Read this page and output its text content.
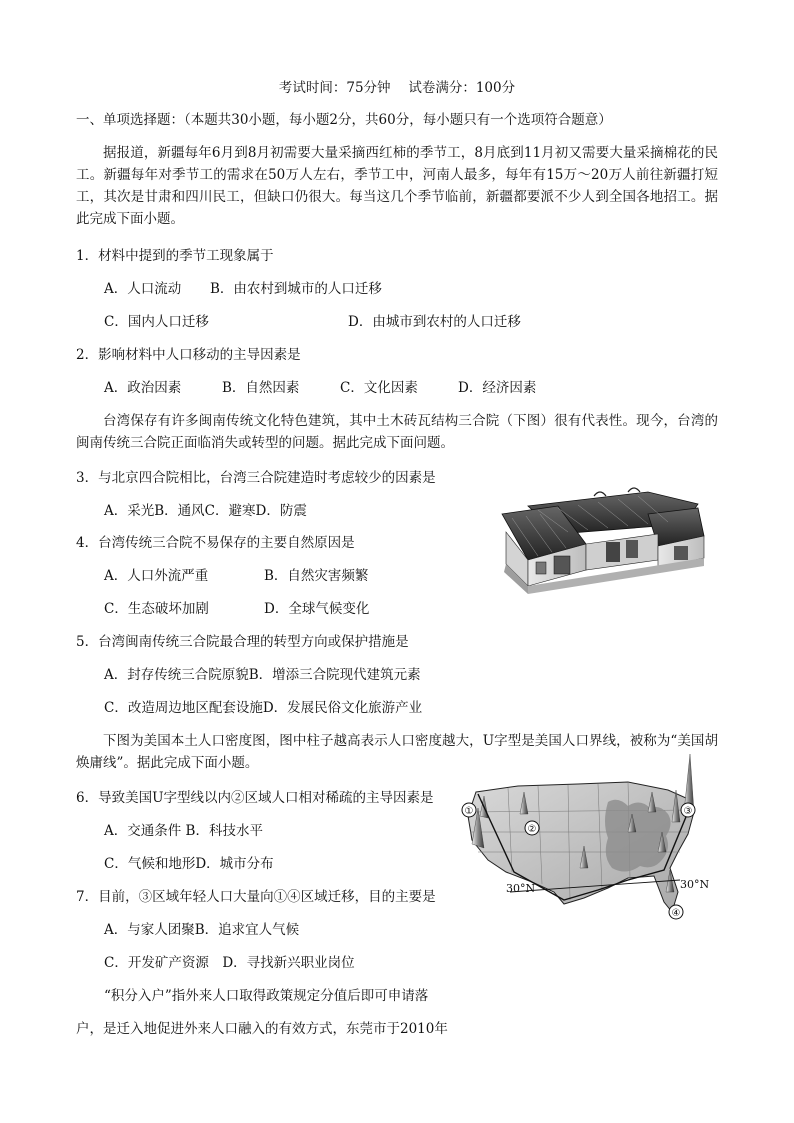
考试时间：75分钟　 试卷满分：100分
一、单项选择题：（本题共30小题，每小题2分，共60分，每小题只有一个选项符合题意）
据报道，新疆每年6月到8月初需要大量采摘西红柿的季节工，8月底到11月初又需要大量采摘棉花的民工。新疆每年对季节工的需求在50万人左右，季节工中，河南人最多，每年有15万～20万人前往新疆打短工，其次是甘肃和四川民工，但缺口仍很大。每当这几个季节临前，新疆都要派不少人到全国各地招工。据此完成下面小题。
1．材料中提到的季节工现象属于
A．人口流动 B．由农村到城市的人口迁移
C．国内人口迁移	D．由城市到农村的人口迁移
2．影响材料中人口移动的主导因素是
A．政治因素	B．自然因素	C．文化因素	D．经济因素
台湾保存有许多闽南传统文化特色建筑，其中土木砖瓦结构三合院（下图）很有代表性。现今，台湾的闽南传统三合院正面临消失或转型的问题。据此完成下面问题。
3．与北京四合院相比，台湾三合院建造时考虑较少的因素是
A．采光B．通风C．避寒D．防震
4．台湾传统三合院不易保存的主要自然原因是
A．人口外流严重	B．自然灾害频繁
C．生态破坏加剧	D．全球气候变化
5．台湾闽南传统三合院最合理的转型方向或保护措施是
A．封存传统三合院原貌B．增添三合院现代建筑元素
C．改造周边地区配套设施D．发展民俗文化旅游产业
下图为美国本土人口密度图，图中柱子越高表示人口密度越大，U字型是美国人口界线，被称为“美国胡焕庸线”。据此完成下面小题。
6．导致美国U字型线以内②区域人口相对稀疏的主导因素是
A．交通条件 B．科技水平
C．气候和地形D．城市分布
7．目前，③区域年轻人口大量向①④区域迁移，目的主要是
A．与家人团聚B．追求宜人气候
C．开发矿产资源　D．寻找新兴职业岗位
“积分入户”指外来人口取得政策规定分值后即可申请落
户，是迁入地促进外来人口融入的有效方式，东莞市于2010年
①
②
③
④
30°N	30°N
